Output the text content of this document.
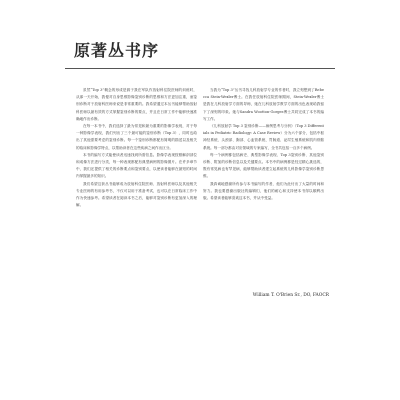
原著丛书序

虽然“Top 3”概念的形成是源于我在军队作放射科住院医师的训练时，从那一天开始，我便对自身思维影像鉴别诊断的思维和方法更加注重，而鉴别诊断对于放射科医师来说是非常重要的。我希望通过本丛书能够帮助放射科医师以最有效的方式掌握鉴别诊断的要点，并且在日常工作中能够快速准确地作出诊断。

在每一本书中，我们选择了最为常见和最为重要的影像学表现，对于每一种影像学表现，我们列出了三个最可能的鉴别诊断（Top 3），同时也给出了其他需要考虑的鉴别诊断。每一个鉴别诊断都配有简明的描述以及相关的临床和影像学特点，以帮助读者在这些疾病之间作出区分。

本书的编写方式能使读者迅速找到所需信息。影像学表现按照解剖部位和成像方法进行分类，每一种表现都配有典型病例的影像图片。在许多章节中，我们还提供了相关的诊断要点和鉴别要点，以使读者能够在最短的时间内掌握最多的知识。

我们希望这套丛书能够成为放射科住院医师、放射科医师以及其他相关专业医师的有用参考书，不仅可以用于准备考试，也可以在日常临床工作中作为快速参考。希望读者在阅读本书之后，能够对鉴别诊断有更加深入的理解。

当我为“Top 3”丛书寻找儿科放射学专业的作者时，我立刻想到了Rebecca Stein-Wexler博士。在我任放射科住院医师期间，Stein-Wexler博士是我在儿科放射学方面的导师，她在儿科放射学教学方面的出色表现给我留下了深刻的印象。她与Sandra Wootton-Gorges博士共同完成了本书的编写工作。

《儿科放射学 Top 3 鉴别诊断——病例思考与分析》（Top 3 Differentials in Pediatric Radiology: A Case Review）分为六个部分，包括中枢神经系统、头颈部、胸部、心血管系统、胃肠道、泌尿生殖系统和肌肉骨骼系统。每一部分都由对应领域的专家编写，全书共包括一百多个病例。

每一个病例都包括病史、典型影像学表现、Top 3鉴别诊断、其他鉴别诊断、附加的诊断信息以及关键要点。本书中的病例都是经过精心挑选的，既有常见病也有罕见病，能够帮助读者建立起系统的儿科影像学鉴别诊断思维。

我真诚地感谢所有参与本书编写的作者，他们为此付出了大量的时间和努力。我也要感谢出版社的编辑们，他们的耐心和支持使本书得以顺利出版。希望读者能够喜欢这本书，并从中受益。

William T. O'Brien Sr., DO, FAOCR
